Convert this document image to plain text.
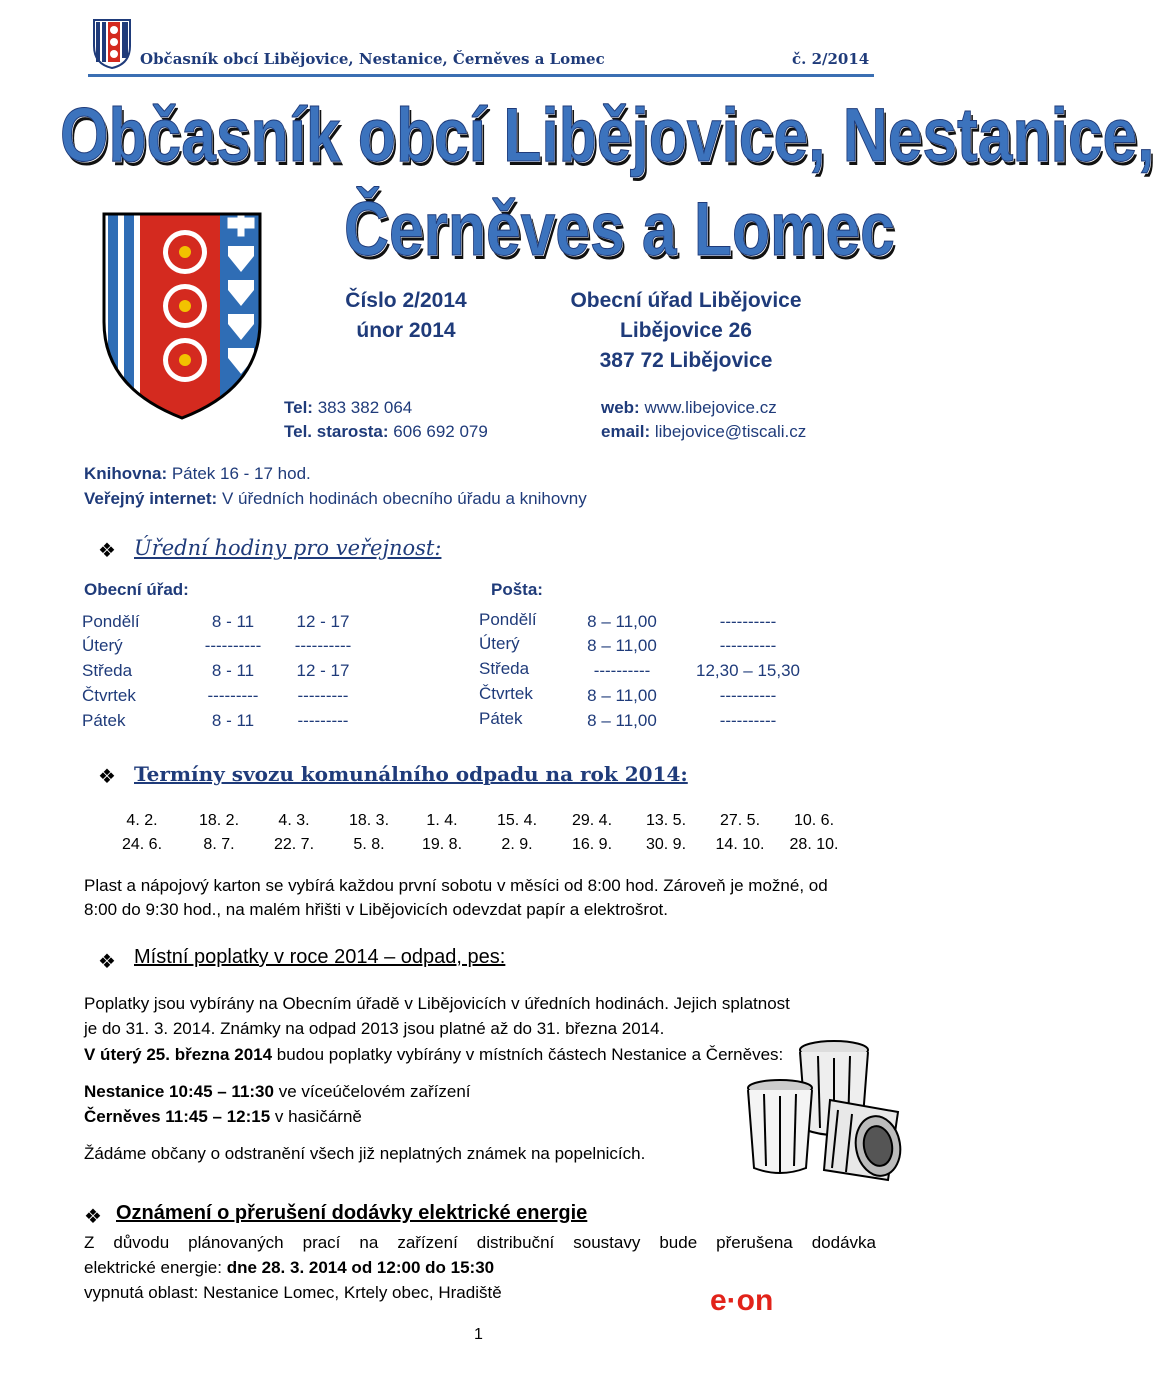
Občasník obcí Libějovice, Nestanice, Černěves a Lomec	č. 2/2014
Občasník obcí Libějovice, Nestanice,
Černěves a Lomec
Číslo 2/2014
únor 2014
Obecní úřad Libějovice
Libějovice 26
387 72 Libějovice
Tel: 383 382 064
Tel. starosta: 606 692 079
web: www.libejovice.cz
email: libejovice@tiscali.cz
Knihovna: Pátek 16 - 17 hod.
Veřejný internet: V úředních hodinách obecního úřadu a knihovny
❖ Úřední hodiny pro veřejnost:
Obecní úřad:	Pošta:
Pondělí	8 - 11	12 - 17
Úterý	----------	----------
Středa	8 - 11	12 - 17
Čtvrtek	---------	---------
Pátek	8 - 11	---------
Pondělí	8 – 11,00	----------
Úterý	8 – 11,00	----------
Středa	----------	12,30 – 15,30
Čtvrtek	8 – 11,00	----------
Pátek	8 – 11,00	----------
❖ Termíny svozu komunálního odpadu na rok 2014:
4. 2.	18. 2.	4. 3.	18. 3.	1. 4.	15. 4.	29. 4.	13. 5.	27. 5.	10. 6.
24. 6.	8. 7.	22. 7.	5. 8.	19. 8.	2. 9.	16. 9.	30. 9.	14. 10.	28. 10.
Plast a nápojový karton se vybírá každou první sobotu v měsíci od 8:00 hod. Zároveň je možné, od
8:00 do 9:30 hod., na malém hřišti v Libějovicích odevzdat papír a elektrošrot.
❖ Místní poplatky v roce 2014 – odpad, pes:
Poplatky jsou vybírány na Obecním úřadě v Libějovicích v úředních hodinách. Jejich splatnost
je do 31. 3. 2014. Známky na odpad 2013 jsou platné až do 31. března 2014.
V úterý 25. března 2014 budou poplatky vybírány v místních částech Nestanice a Černěves:
Nestanice 10:45 – 11:30 ve víceúčelovém zařízení
Černěves 11:45 – 12:15 v hasičárně
Žádáme občany o odstranění všech již neplatných známek na popelnicích.
❖ Oznámení o přerušení dodávky elektrické energie
Z důvodu plánovaných prací na zařízení distribuční soustavy bude přerušena dodávka
elektrické energie: dne 28. 3. 2014 od 12:00 do 15:30
vypnutá oblast: Nestanice Lomec, Krtely obec, Hradiště	e·on
1
